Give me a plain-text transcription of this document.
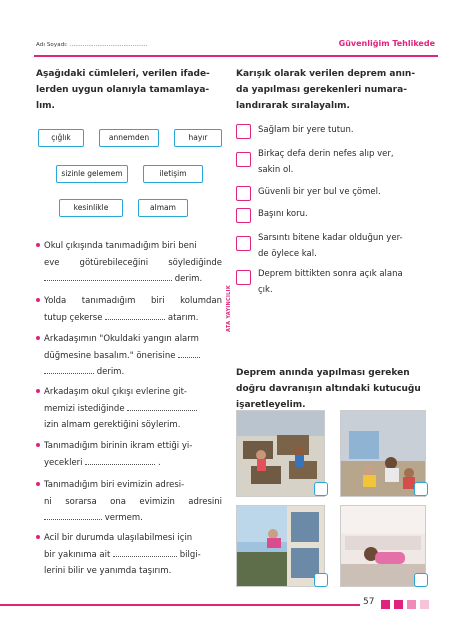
Adı Soyadı: ..........................................	Güvenliğim Tehlikede
Aşağıdaki cümleleri, verilen ifade-
lerden uygun olanıyla tamamlaya-
lım.
çığlık	annemden	hayır
sizinle gelemem	iletişim
kesinlikle	almam
Okul çıkışında tanımadığım biri beni
eve götürebileceğini söylediğinde
derim.
Yolda tanımadığım biri kolumdan
tutup çekerse	atarım.
Arkadaşımın "Okuldaki yangın alarm
düğmesine basalım." önerisine
derim.
Arkadaşım okul çıkışı evlerine git-
memizi istediğinde
izin almam gerektiğini söylerim.
Tanımadığım birinin ikram ettiği yi-
yecekleri	.
Tanımadığım biri evimizin adresi-
ni sorarsa ona evimizin adresini
vermem.
Acil bir durumda ulaşılabilmesi için
bir yakınıma ait	bilgi-
lerini bilir ve yanımda taşırım.
ATA YAYINCILIK
Karışık olarak verilen deprem anın-
da yapılması gerekenleri numara-
landırarak sıralayalım.
Sağlam bir yere tutun.
Birkaç defa derin nefes alıp ver,
sakin ol.
Güvenli bir yer bul ve çömel.
Başını koru.
Sarsıntı bitene kadar olduğun yer-
de öylece kal.
Deprem bittikten sonra açık alana
çık.
Deprem anında yapılması gereken
doğru davranışın altındaki kutucuğu
işaretleyelim.
57
